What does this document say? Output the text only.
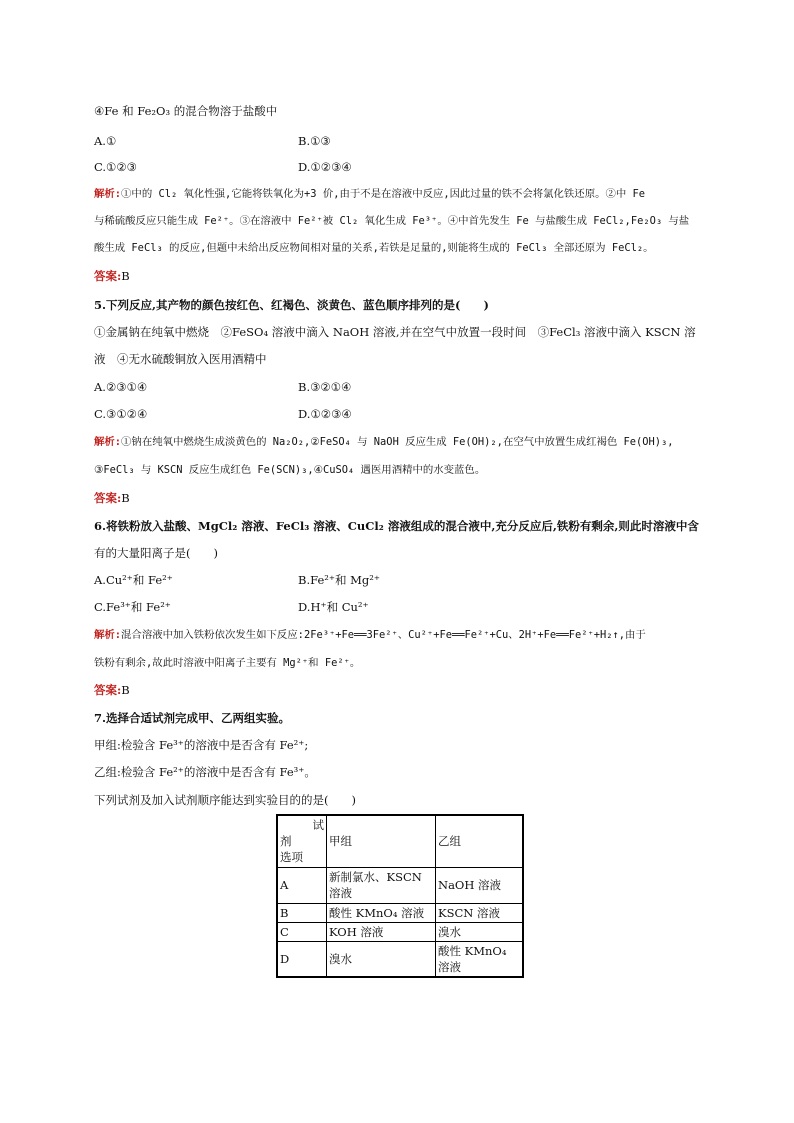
④Fe 和 Fe₂O₃ 的混合物溶于盐酸中
A.①	B.①③
C.①②③	D.①②③④
解析:①中的 Cl₂ 氧化性强,它能将铁氧化为+3 价,由于不是在溶液中反应,因此过量的铁不会将氯化铁还原。②中 Fe
与稀硫酸反应只能生成 Fe²⁺。③在溶液中 Fe²⁺被 Cl₂ 氧化生成 Fe³⁺。④中首先发生 Fe 与盐酸生成 FeCl₂,Fe₂O₃ 与盐
酸生成 FeCl₃ 的反应,但题中未给出反应物间相对量的关系,若铁是足量的,则能将生成的 FeCl₃ 全部还原为 FeCl₂。
答案:B
5.下列反应,其产物的颜色按红色、红褐色、淡黄色、蓝色顺序排列的是(　　)
①金属钠在纯氧中燃烧　②FeSO₄ 溶液中滴入 NaOH 溶液,并在空气中放置一段时间　③FeCl₃ 溶液中滴入 KSCN 溶
液　④无水硫酸铜放入医用酒精中
A.②③①④	B.③②①④
C.③①②④	D.①②③④
解析:①钠在纯氧中燃烧生成淡黄色的 Na₂O₂,②FeSO₄ 与 NaOH 反应生成 Fe(OH)₂,在空气中放置生成红褐色 Fe(OH)₃,
③FeCl₃ 与 KSCN 反应生成红色 Fe(SCN)₃,④CuSO₄ 遇医用酒精中的水变蓝色。
答案:B
6.将铁粉放入盐酸、MgCl₂ 溶液、FeCl₃ 溶液、CuCl₂ 溶液组成的混合液中,充分反应后,铁粉有剩余,则此时溶液中含
有的大量阳离子是(　　)
A.Cu²⁺和 Fe²⁺	B.Fe²⁺和 Mg²⁺
C.Fe³⁺和 Fe²⁺	D.H⁺和 Cu²⁺
解析:混合溶液中加入铁粉依次发生如下反应:2Fe³⁺+Fe══3Fe²⁺、Cu²⁺+Fe══Fe²⁺+Cu、2H⁺+Fe══Fe²⁺+H₂↑,由于
铁粉有剩余,故此时溶液中阳离子主要有 Mg²⁺和 Fe²⁺。
答案:B
7.选择合适试剂完成甲、乙两组实验。
甲组:检验含 Fe³⁺的溶液中是否含有 Fe²⁺;
乙组:检验含 Fe²⁺的溶液中是否含有 Fe³⁺。
下列试剂及加入试剂顺序能达到实验目的的是(　　)
试
剂
选项	甲组	乙组
A	新制氯水、KSCN 溶液	NaOH 溶液
B	酸性 KMnO₄ 溶液	KSCN 溶液
C	KOH 溶液	溴水
D	溴水	酸性 KMnO₄ 溶液
